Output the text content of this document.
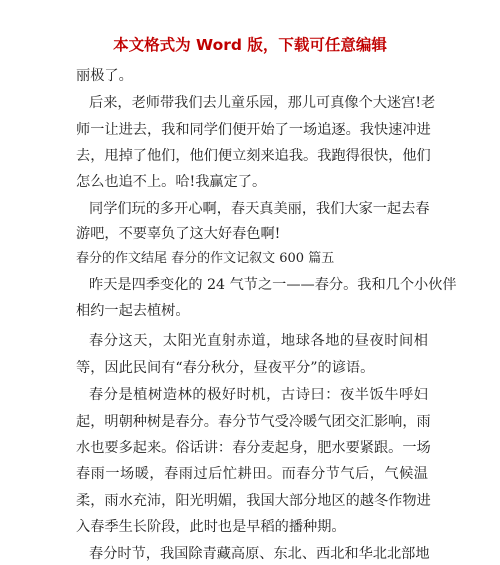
本文格式为 Word 版，下载可任意编辑
丽极了。
后来，老师带我们去儿童乐园，那儿可真像个大迷宫!老
师一让进去，我和同学们便开始了一场追逐。我快速冲进
去，甩掉了他们，他们便立刻来追我。我跑得很快，他们
怎么也追不上。哈!我赢定了。
同学们玩的多开心啊，春天真美丽，我们大家一起去春
游吧，不要辜负了这大好春色啊!
春分的作文结尾 春分的作文记叙文 600 篇五
昨天是四季变化的 24 气节之一——春分。我和几个小伙伴
相约一起去植树。
春分这天，太阳光直射赤道，地球各地的昼夜时间相
等，因此民间有“春分秋分，昼夜平分”的谚语。
春分是植树造林的极好时机，古诗曰：夜半饭牛呼妇
起，明朝种树是春分。春分节气受冷暖气团交汇影响，雨
水也要多起来。俗话讲：春分麦起身，肥水要紧跟。一场
春雨一场暖，春雨过后忙耕田。而春分节气后，气候温
柔，雨水充沛，阳光明媚，我国大部分地区的越冬作物进
入春季生长阶段，此时也是早稻的播种期。
春分时节，我国除青藏高原、东北、西北和华北北部地
